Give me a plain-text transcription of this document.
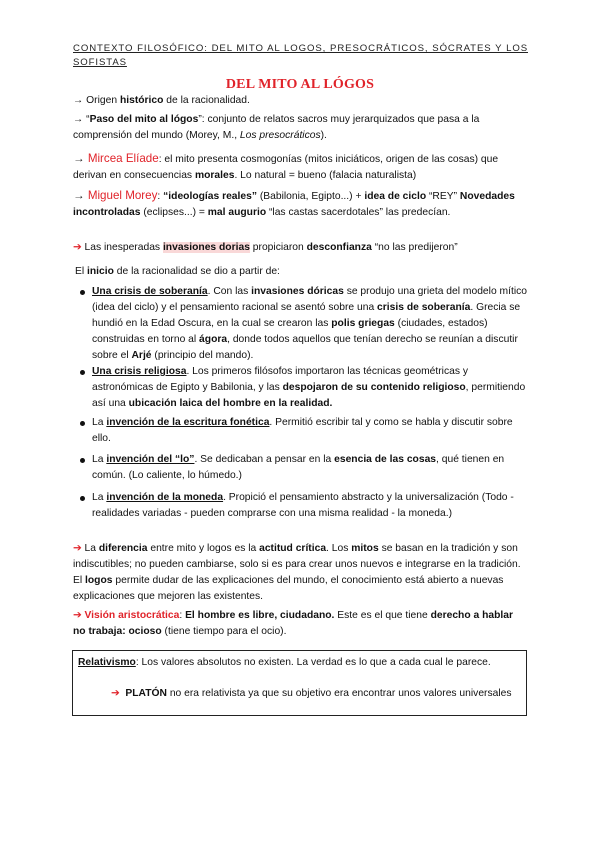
CONTEXTO FILOSÓFICO: DEL MITO AL LOGOS, PRESOCRÁTICOS, SÓCRATES Y LOS SOFISTAS
DEL MITO AL LÓGOS
→ Origen histórico de la racionalidad.
→ “Paso del mito al lógos”: conjunto de relatos sacros muy jerarquizados que pasa a la comprensión del mundo (Morey, M., Los presocráticos).
→ Mircea Elíade: el mito presenta cosmogonías (mitos iniciáticos, origen de las cosas) que derivan en consecuencias morales. Lo natural = bueno (falacia naturalista)
→ Miguel Morey: “ideologías reales” (Babilonia, Egipto...) + idea de ciclo “REY” Novedades incontroladas (eclipses...) = mal augurio “las castas sacerdotales” las predecían.
➔ Las inesperadas invasiones dorias propiciaron desconfianza “no las predijeron”
El inicio de la racionalidad se dio a partir de:
Una crisis de soberanía. Con las invasiones dóricas se produjo una grieta del modelo mítico (idea del ciclo) y el pensamiento racional se asentó sobre una crisis de soberanía. Grecia se hundió en la Edad Oscura, en la cual se crearon las polis griegas (ciudades, estados) construidas en torno al ágora, donde todos aquellos que tenían derecho se reunían a discutir sobre el Arjé (principio del mando).
Una crisis religiosa. Los primeros filósofos importaron las técnicas geométricas y astronómicas de Egipto y Babilonia, y las despojaron de su contenido religioso, permitiendo así una ubicación laica del hombre en la realidad.
La invención de la escritura fonética. Permitió escribir tal y como se habla y discutir sobre ello.
La invención del “lo”. Se dedicaban a pensar en la esencia de las cosas, qué tienen en común. (Lo caliente, lo húmedo.)
La invención de la moneda. Propició el pensamiento abstracto y la universalización (Todo - realidades variadas - pueden comprarse con una misma realidad - la moneda.)
➔ La diferencia entre mito y logos es la actitud crítica. Los mitos se basan en la tradición y son indiscutibles; no pueden cambiarse, solo si es para crear unos nuevos e integrarse en la tradición. El logos permite dudar de las explicaciones del mundo, el conocimiento está abierto a nuevas explicaciones que mejoren las existentes.
➔ Visión aristocrática: El hombre es libre, ciudadano. Este es el que tiene derecho a hablar no trabaja: ocioso (tiene tiempo para el ocio).
Relativismo: Los valores absolutos no existen. La verdad es lo que a cada cual le parece.
➔ PLATÓN no era relativista ya que su objetivo era encontrar unos valores universales
